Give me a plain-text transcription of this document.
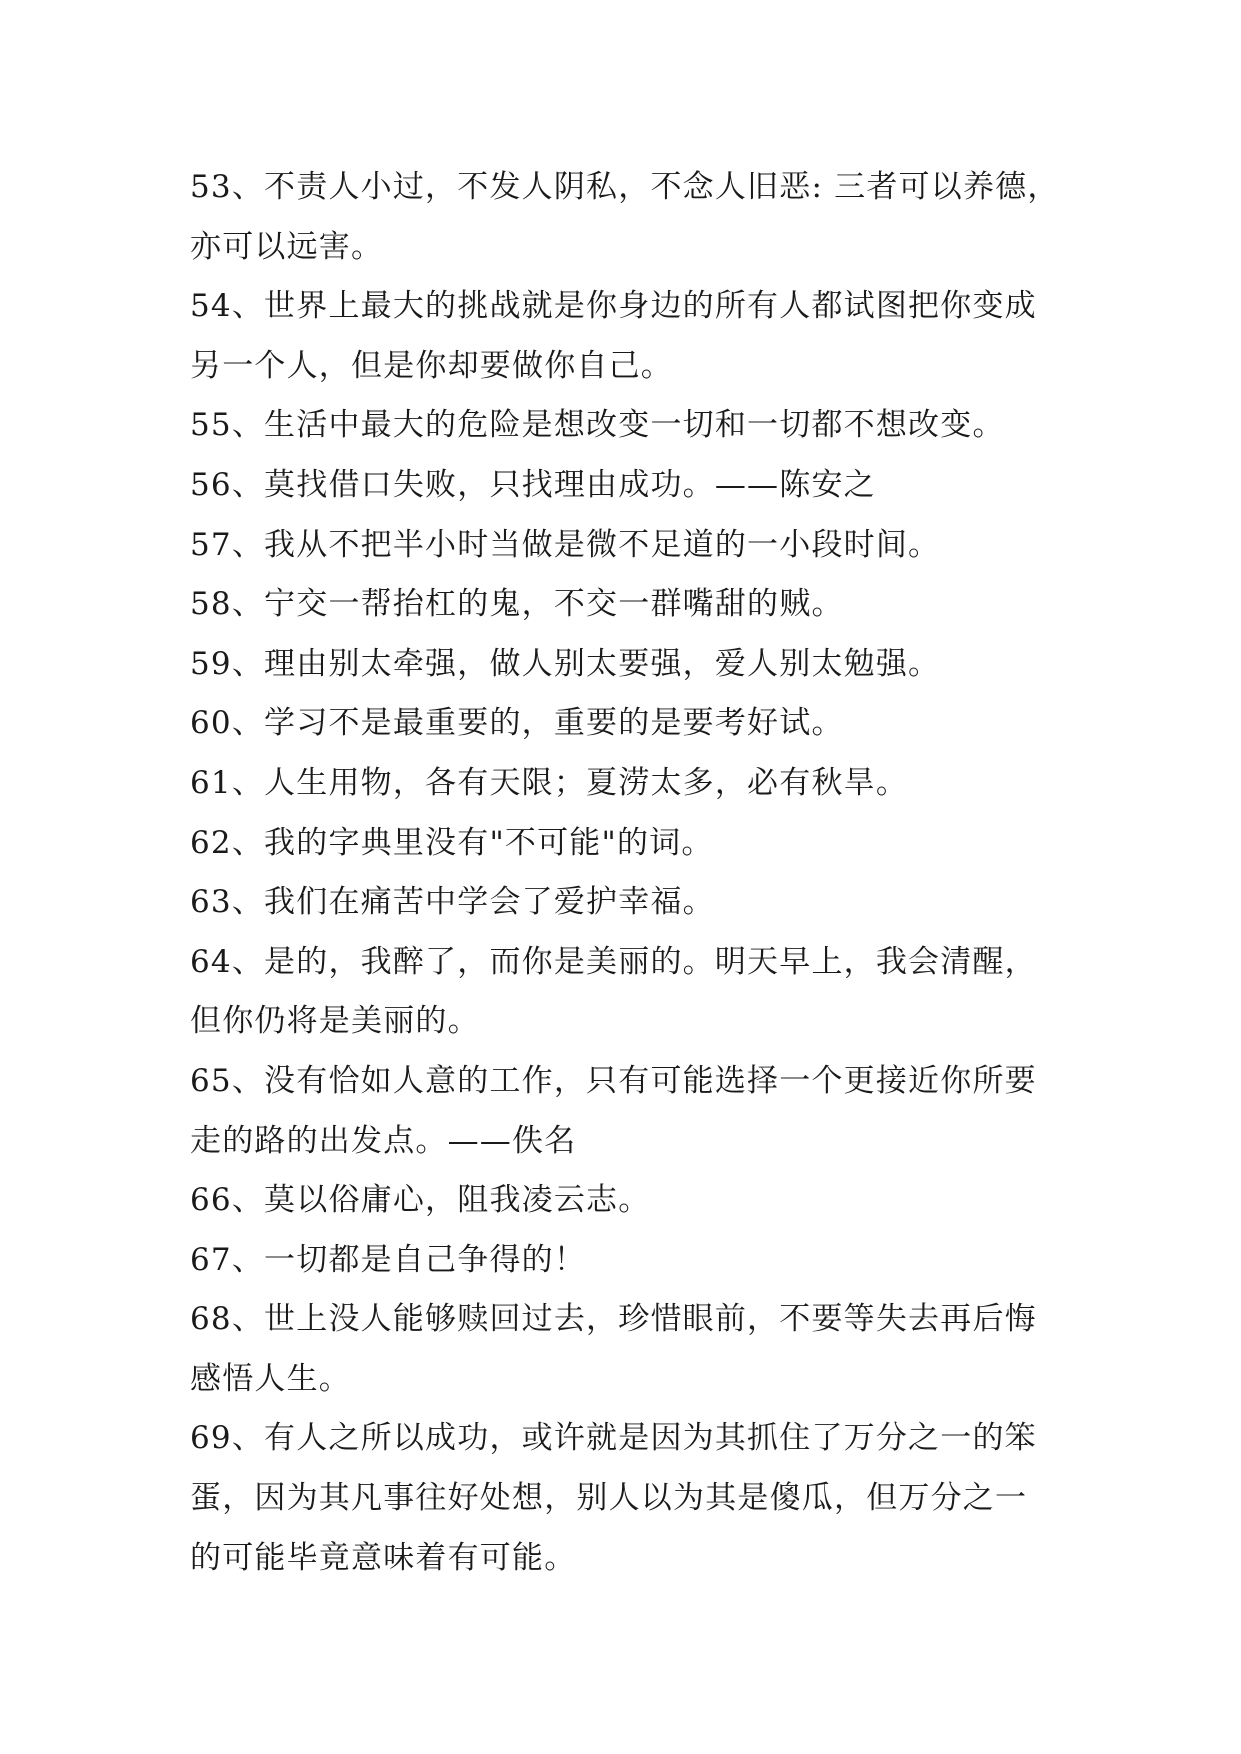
53、不责人小过，不发人阴私，不念人旧恶: 三者可以养德，
亦可以远害。

54、世界上最大的挑战就是你身边的所有人都试图把你变成
另一个人，但是你却要做你自己。

55、生活中最大的危险是想改变一切和一切都不想改变。

56、莫找借口失败，只找理由成功。——陈安之

57、我从不把半小时当做是微不足道的一小段时间。

58、宁交一帮抬杠的鬼，不交一群嘴甜的贼。

59、理由别太牵强，做人别太要强，爱人别太勉强。

60、学习不是最重要的，重要的是要考好试。

61、人生用物，各有天限；夏涝太多，必有秋旱。

62、我的字典里没有"不可能"的词。

63、我们在痛苦中学会了爱护幸福。

64、是的，我醉了，而你是美丽的。明天早上，我会清醒，
但你仍将是美丽的。

65、没有恰如人意的工作，只有可能选择一个更接近你所要
走的路的出发点。——佚名

66、莫以俗庸心，阻我凌云志。

67、一切都是自己争得的！

68、世上没人能够赎回过去，珍惜眼前，不要等失去再后悔
感悟人生。

69、有人之所以成功，或许就是因为其抓住了万分之一的笨
蛋，因为其凡事往好处想，别人以为其是傻瓜，但万分之一
的可能毕竟意味着有可能。
